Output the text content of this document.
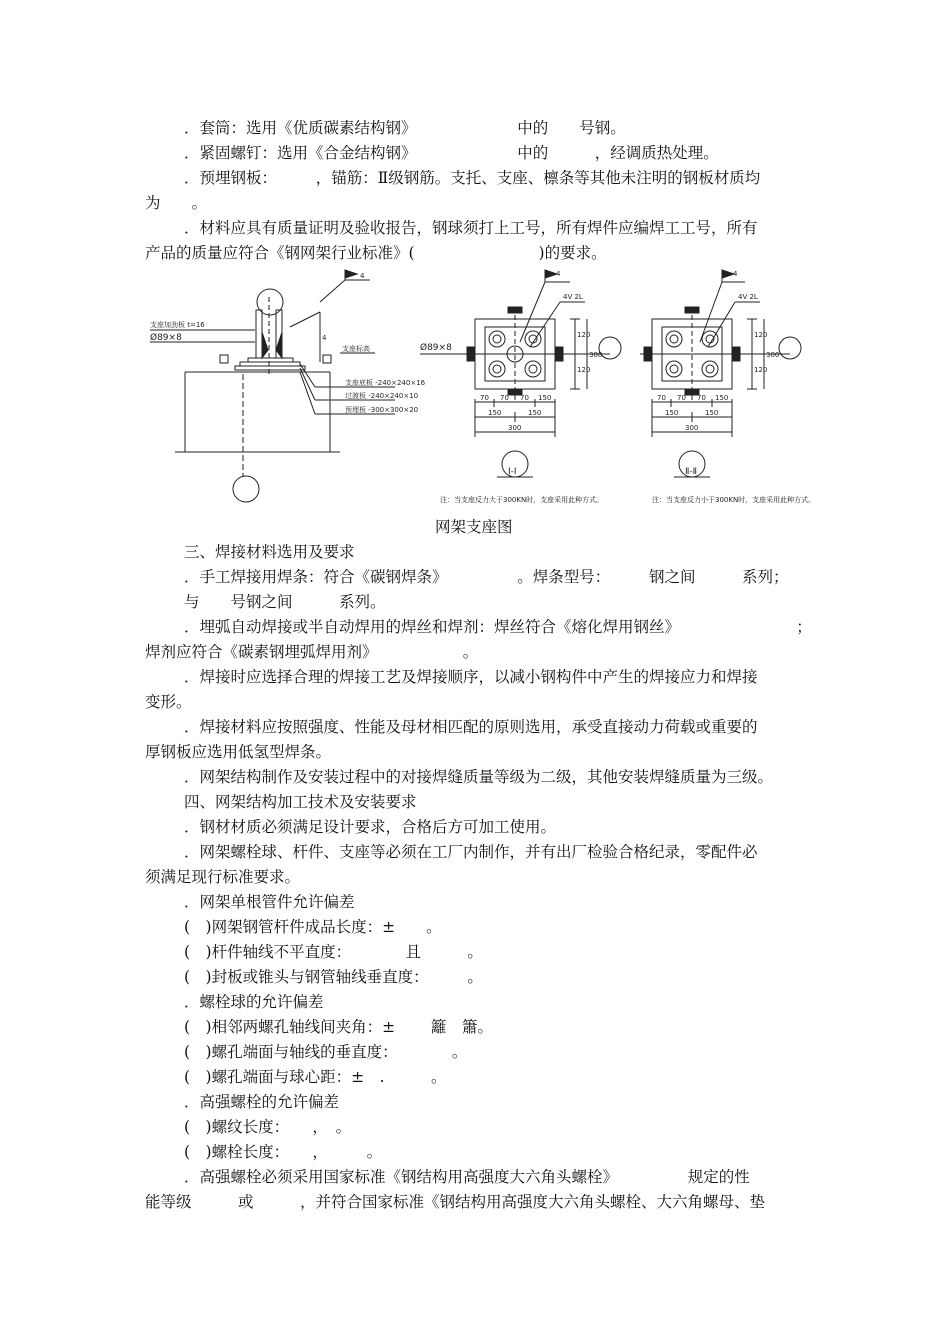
．套筒：选用《优质碳素结构钢》　　　　　　　中的　　号钢。
．紧固螺钉：选用《合金结构钢》　　　　　　　中的　　　，经调质热处理。
．预埋钢板：　　　，锚筋：Ⅱ级钢筋。支托、支座、檩条等其他未注明的钢板材质均
为　　。
．材料应具有质量证明及验收报告，钢球须打上工号，所有焊件应编焊工工号，所有
产品的质量应符合《钢网架行业标准》(　　　　　　　　)的要求。
支座加劲板 t=16
Ø89×8
支座标高
支座底板 -240×240×16
过渡板 -240×240×10
预埋板 -300×300×20
4
4
4
4V 2L
Ø89×8
70 70 70 150
150	150
300
120
120
300
Ⅰ-Ⅰ
注：当支座反力大于300KN时，支座采用此种方式。
4
4V 2L
70 70 70 150
150	150
300
120
120
300
Ⅱ-Ⅱ
注：当支座反力小于300KN时，支座采用此种方式。
网架支座图
三、焊接材料选用及要求
．手工焊接用焊条：符合《碳钢焊条》　　　　　。焊条型号：　　　钢之间　　　系列；
与　　号钢之间　　　系列。
．埋弧自动焊接或半自动焊用的焊丝和焊剂：焊丝符合《熔化焊用钢丝》　　　　　　　　；
焊剂应符合《碳素钢埋弧焊用剂》　　　　　　。
．焊接时应选择合理的焊接工艺及焊接顺序，以减小钢构件中产生的焊接应力和焊接
变形。
．焊接材料应按照强度、性能及母材相匹配的原则选用，承受直接动力荷载或重要的
厚钢板应选用低氢型焊条。
．网架结构制作及安装过程中的对接焊缝质量等级为二级，其他安装焊缝质量为三级。
四、网架结构加工技术及安装要求
．钢材材质必须满足设计要求，合格后方可加工使用。
．网架螺栓球、杆件、支座等必须在工厂内制作，并有出厂检验合格纪录，零配件必
须满足现行标准要求。
．网架单根管件允许偏差
(　)网架钢管杆件成品长度：±　　。
(　)杆件轴线不平直度：　　　　且　　　。
(　)封板或锥头与钢管轴线垂直度：　　　。
．螺栓球的允许偏差
(　)相邻两螺孔轴线间夹角：±　　 籬　簫。
(　)螺孔端面与轴线的垂直度：　　　　。
(　)螺孔端面与球心距：±　.　　　。
．高强螺栓的允许偏差
(　)螺纹长度：　　，　。
(　)螺栓长度：　　，　　　。
．高强螺栓必须采用国家标准《钢结构用高强度大六角头螺栓》　　　　　规定的性
能等级　　　或　　　，并符合国家标准《钢结构用高强度大六角头螺栓、大六角螺母、垫
